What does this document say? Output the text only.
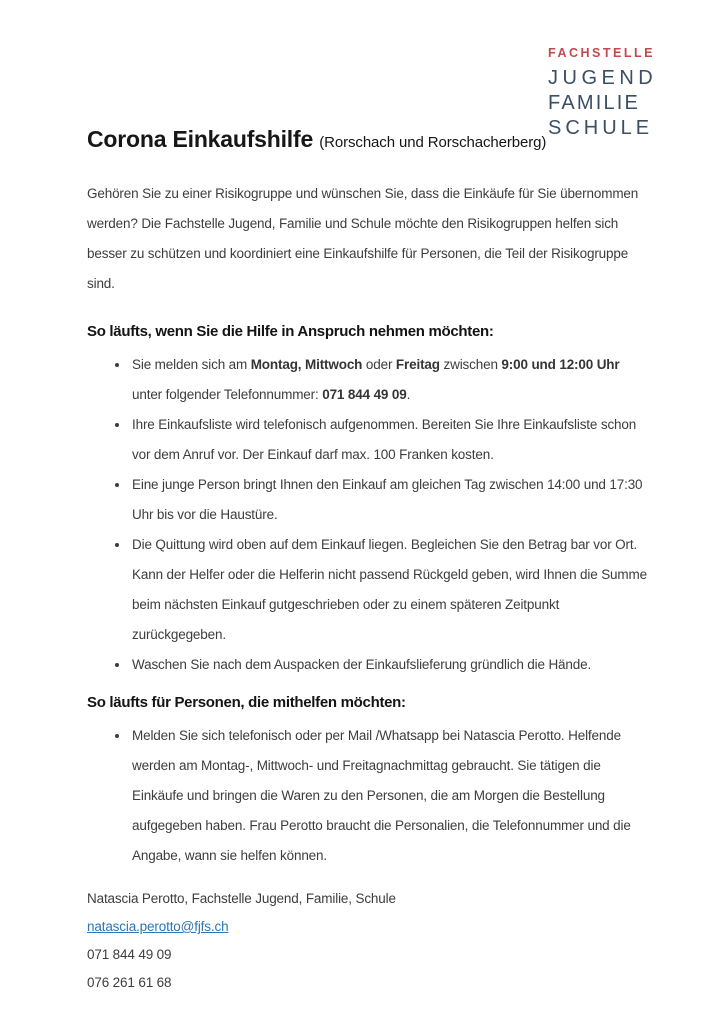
FACHSTELLE
JUGEND
FAMILIE
SCHULE
Corona Einkaufshilfe (Rorschach und Rorschacherberg)

Gehören Sie zu einer Risikogruppe und wünschen Sie, dass die Einkäufe für Sie übernommen werden? Die Fachstelle Jugend, Familie und Schule möchte den Risikogruppen helfen sich besser zu schützen und koordiniert eine Einkaufshilfe für Personen, die Teil der Risikogruppe sind.

So läufts, wenn Sie die Hilfe in Anspruch nehmen möchten:
• Sie melden sich am Montag, Mittwoch oder Freitag zwischen 9:00 und 12:00 Uhr unter folgender Telefonnummer: 071 844 49 09.
• Ihre Einkaufsliste wird telefonisch aufgenommen. Bereiten Sie Ihre Einkaufsliste schon vor dem Anruf vor. Der Einkauf darf max. 100 Franken kosten.
• Eine junge Person bringt Ihnen den Einkauf am gleichen Tag zwischen 14:00 und 17:30 Uhr bis vor die Haustüre.
• Die Quittung wird oben auf dem Einkauf liegen. Begleichen Sie den Betrag bar vor Ort. Kann der Helfer oder die Helferin nicht passend Rückgeld geben, wird Ihnen die Summe beim nächsten Einkauf gutgeschrieben oder zu einem späteren Zeitpunkt zurückgegeben.
• Waschen Sie nach dem Auspacken der Einkaufslieferung gründlich die Hände.
So läufts für Personen, die mithelfen möchten:
• Melden Sie sich telefonisch oder per Mail /Whatsapp bei Natascia Perotto. Helfende werden am Montag-, Mittwoch- und Freitagnachmittag gebraucht. Sie tätigen die Einkäufe und bringen die Waren zu den Personen, die am Morgen die Bestellung aufgegeben haben. Frau Perotto braucht die Personalien, die Telefonnummer und die Angabe, wann sie helfen können.

Natascia Perotto, Fachstelle Jugend, Familie, Schule

natascia.perotto@fjfs.ch

071 844 49 09

076 261 61 68
